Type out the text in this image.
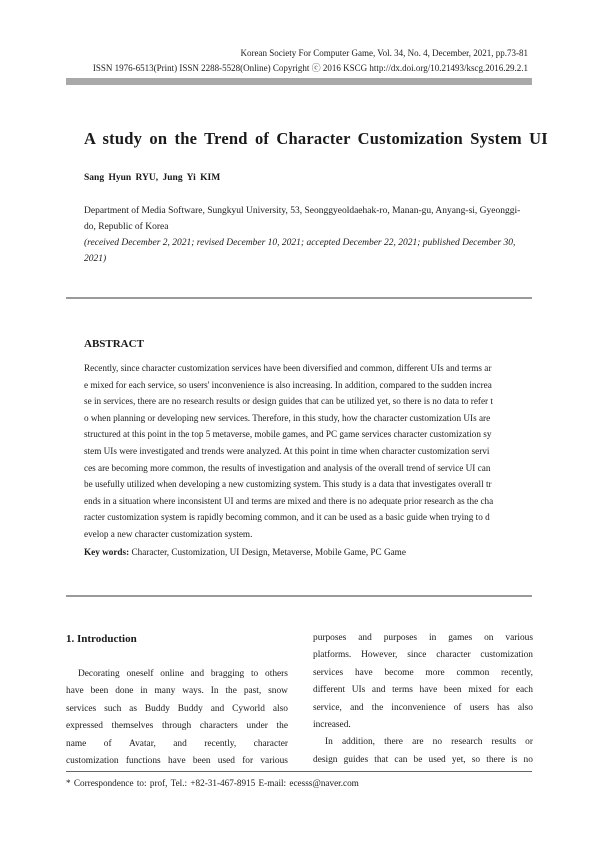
Korean Society For Computer Game, Vol. 34, No. 4, December, 2021, pp.73-81
ISSN 1976-6513(Print) ISSN 2288-5528(Online) Copyright ⓒ 2016 KSCG http://dx.doi.org/10.21493/kscg.2016.29.2.1
A study on the Trend of Character Customization System UI
Sang Hyun RYU, Jung Yi KIM
Department of Media Software, Sungkyul University, 53, Seonggyeoldaehak-ro, Manan-gu, Anyang-si, Gyeonggi-do, Republic of Korea
(received December 2, 2021; revised December 10, 2021; accepted December 22, 2021; published December 30, 2021)
ABSTRACT
Recently, since character customization services have been diversified and common, different UIs and terms ar
e mixed for each service, so users' inconvenience is also increasing. In addition, compared to the sudden increa
se in services, there are no research results or design guides that can be utilized yet, so there is no data to refer t
o when planning or developing new services. Therefore, in this study, how the character customization UIs are
structured at this point in the top 5 metaverse, mobile games, and PC game services character customization sy
stem UIs were investigated and trends were analyzed. At this point in time when character customization servi
ces are becoming more common, the results of investigation and analysis of the overall trend of service UI can
be usefully utilized when developing a new customizing system. This study is a data that investigates overall tr
ends in a situation where inconsistent UI and terms are mixed and there is no adequate prior research as the cha
racter customization system is rapidly becoming common, and it can be used as a basic guide when trying to d
evelop a new character customization system.
Key words: Character, Customization, UI Design, Metaverse, Mobile Game, PC Game
1. Introduction
Decorating oneself online and bragging to others
have been done in many ways. In the past, snow
services such as Buddy Buddy and Cyworld also
expressed themselves through characters under the
name of Avatar, and recently, character
customization functions have been used for various
purposes and purposes in games on various
platforms. However, since character customization
services have become more common recently,
different UIs and terms have been mixed for each
service, and the inconvenience of users has also
increased.
In addition, there are no research results or
design guides that can be used yet, so there is no
* Correspondence to: prof, Tel.: +82-31-467-8915 E-mail: ecesss@naver.com
